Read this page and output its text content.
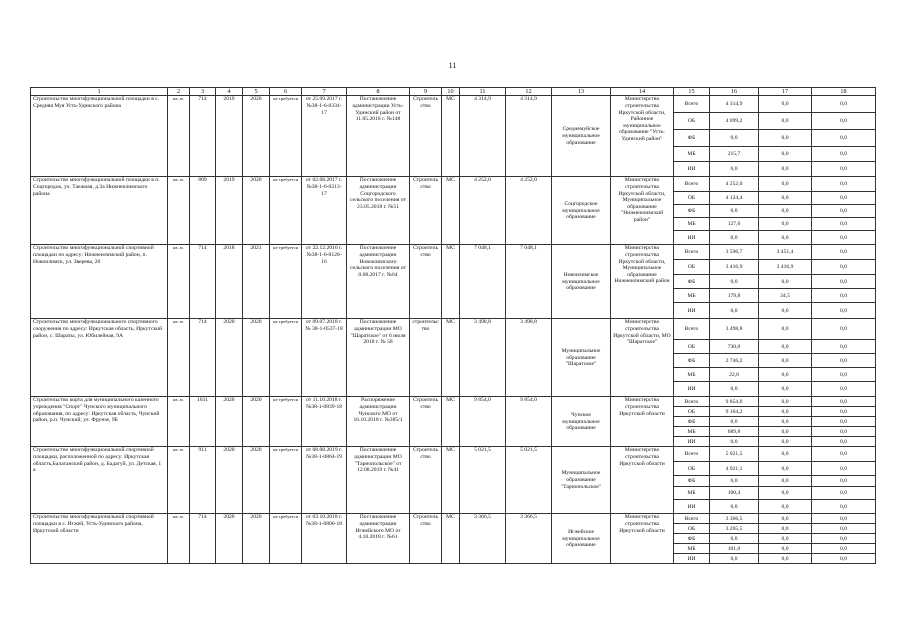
11
1	2	3	4	5	6	7	8	9	10	11	12	13	14	15	16	17	18
Строительство многофункциональной площадки в с. Средняя Муя Усть-Удинского района	кв. м.	714	2019	2020	не требуется	от 25.09.2017 г. №38-1-6-0334-17	Постановление администрации Усть-Удинский район от 11.05.2018 г. №148	Строитель ство	МС	4 314,9	4 314,9	Среднемуйское муниципальное образование	Министерство строительства Иркутской области, Районное муниципальное образование "Усть-Удинский район"	Всего	4 314,9	0,0	0,0
														ОБ	4 099,2	0,0	0,0
														ФБ	0,0	0,0	0,0
														МБ	215,7	0,0	0,0
														ИИ	0,0	0,0	0,0
Строительство многофункциональной площадки в п. Соцгородок, ул. Таежная, д.3а Нижнеилимского района	кв. м.	809	2019	2020	не требуется	от 02.08.2017 г. №38-1-6-0213-17	Постановление администрации Соцгородского сельского поселения от 23.05.2018 г. №51	Строитель ство	МС	4 252,0	4 252,0	Соцгородское муниципальное образование	Министерство строительства Иркутской области, Муниципальное образование "Нижнеилимский район"	Всего	4 252,0	0,0	0,0
														ОБ	4 124,4	0,0	0,0
														ФБ	0,0	0,0	0,0
														МБ	127,6	0,0	0,0
														ИИ	0,0	0,0	0,0
Строительство многофункциональной спортивной площадки по адресу: Нижнеилимский район, п. Новоилимск, ул. Зверева, 20	кв. м.	714	2018	2021	не требуется	от 22.12.2016 г. №38-1-6-0120-16	Постановление администрации Новоилимского сельского поселения от 0.08.2017 г. №64	Строитель ство	МС	7 048,1	7 048,1	Новоилимское муниципальное образование	Министерство строительства Иркутской области, Муниципальное образование Нижнеилимский район	Всего	3 596,7	3 451,4	0,0
														ОБ	3 416,9	3 416,9	0,0
														ФБ	0,0	0,0	0,0
														МБ	179,8	34,5	0,0
														ИИ	0,0	0,0	0,0
Строительство многофункционального спортивного сооружения по адресу: Иркутская область, Иркутский район, с. Шараты, ул. Юбилейная, 9А	кв. м.	714	2020	2020	не требуется	от 09.07.2018 г. № 38-1-0537-18	Постановление администрации МО "Шаратское" от 6 июля 2018 г. № 58	строительс тво	МС	3 498,8	3 498,8	Муниципальное образование "Шаратское"	Министерство строительства Иркутской области, МО "Шаратское"	Всего	3 498,8	0,0	0,0
														ОБ	730,0	0,0	0,0
														ФБ	2 746,2	0,0	0,0
														МБ	22,6	0,0	0,0
														ИИ	0,0	0,0	0,0
Строительство корта для муниципального казенного учреждения "Спорт" Чунского муниципального образования, по адресу: Иркутская область, Чунский район, р.п. Чунский, ул. Фрунзе, 9Б	кв. м.	1631	2020	2020	не требуется	от 11.10.2018 г. №38-1-0839-18	Распоряжение администрации Чунского МО от 16.10.2018 г. №385/1	Строитель ство	МС	9 854,0	9 854,0	Чунское муниципальное образование	Министерство строительства Иркутской области	Всего	9 854,0	0,0	0,0
														ОБ	9 164,2	0,0	0,0
														ФБ	0,0	0,0	0,0
														МБ	689,8	0,0	0,0
														ИИ	0,0	0,0	0,0
Строительство многофункциональной спортивной площадки, расположенной по адресу: Иркутская область,Балаганский район, д. Бадагуй, ул. Детская, 1 а	кв. м.	911	2020	2020	не требуется	от 08.08.2019 г. №38-1-0864-19	Постановление администрации МО "Тарнопольское" от 12.08.2019 г. №41	Строитель ство	МС	5 021,5	5 021,5	Муниципальное образование "Тарнопольское"	Министерство строительства Иркутской области	Всего	5 021,5	0,0	0,0
														ОБ	4 921,1	0,0	0,0
														ФБ	0,0	0,0	0,0
														МБ	100,4	0,0	0,0
														ИИ	0,0	0,0	0,0
Строительство многофункциональной спортивной площадки в с. Игжей, Усть-Удинского района, Иркутской области	кв. м.	714	2020	2020	не требуется	от 03.10.2018 г. №38-1-0806-18	Постановление администрации Игжейского МО от 4.10.2018 г. №61	Строитель ство	МС	3 366,5	3 366,5	Игжейское муниципальное образование	Министерство строительства Иркутской области	Всего	3 366,5	0,0	0,0
														ОБ	3 265,5	0,0	0,0
														ФБ	0,0	0,0	0,0
														МБ	101,0	0,0	0,0
														ИИ	0,0	0,0	0,0
